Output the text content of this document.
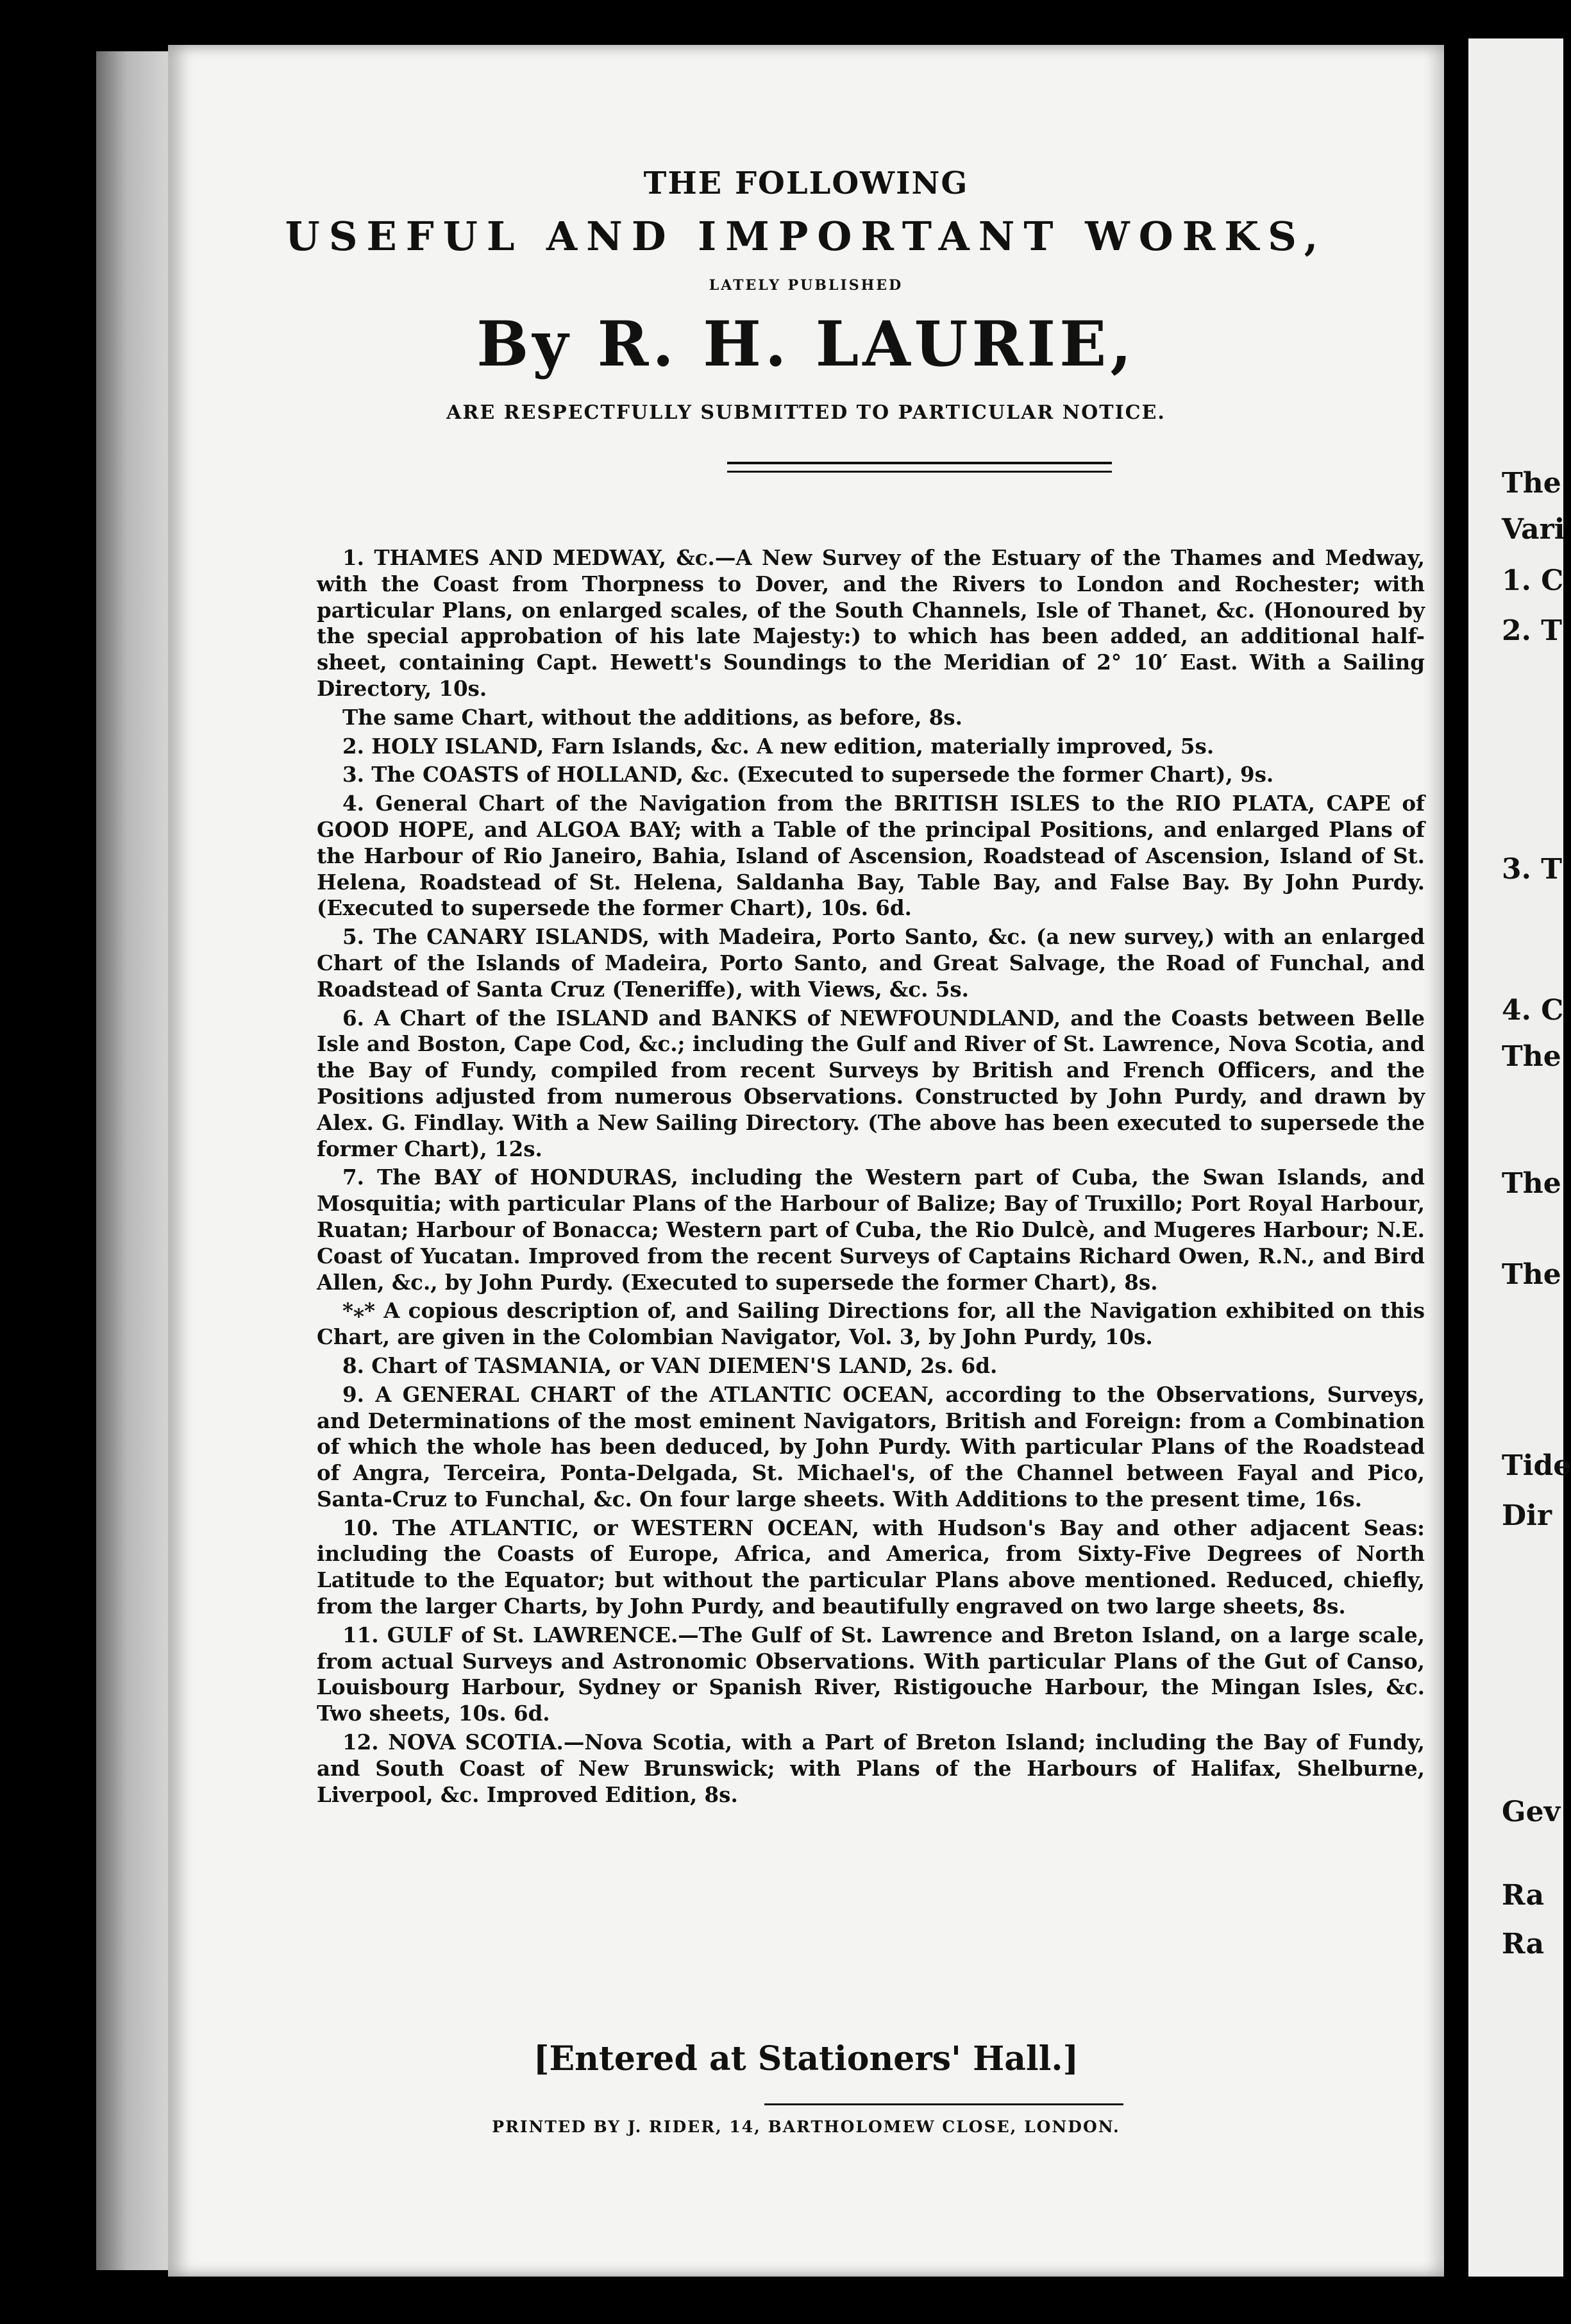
THE FOLLOWING
USEFUL AND IMPORTANT WORKS,
LATELY PUBLISHED
By R. H. LAURIE,
ARE RESPECTFULLY SUBMITTED TO PARTICULAR NOTICE.

1. THAMES AND MEDWAY, &c.—A New Survey of the Estuary of the Thames and Medway, with the Coast from Thorpness to Dover, and the Rivers to London and Rochester; with particular Plans, on enlarged scales, of the South Channels, Isle of Thanet, &c. (Honoured by the special approbation of his late Majesty:) to which has been added, an additional half-sheet, containing Capt. Hewett's Soundings to the Meridian of 2° 10′ East. With a Sailing Directory, 10s.

The same Chart, without the additions, as before, 8s.

2. HOLY ISLAND, Farn Islands, &c. A new edition, materially improved, 5s.

3. The COASTS of HOLLAND, &c. (Executed to supersede the former Chart), 9s.

4. General Chart of the Navigation from the BRITISH ISLES to the RIO PLATA, CAPE of GOOD HOPE, and ALGOA BAY; with a Table of the principal Positions, and enlarged Plans of the Harbour of Rio Janeiro, Bahia, Island of Ascension, Roadstead of Ascension, Island of St. Helena, Roadstead of St. Helena, Saldanha Bay, Table Bay, and False Bay. By John Purdy. (Executed to supersede the former Chart), 10s. 6d.

5. The CANARY ISLANDS, with Madeira, Porto Santo, &c. (a new survey,) with an enlarged Chart of the Islands of Madeira, Porto Santo, and Great Salvage, the Road of Funchal, and Roadstead of Santa Cruz (Teneriffe), with Views, &c. 5s.

6. A Chart of the ISLAND and BANKS of NEWFOUNDLAND, and the Coasts between Belle Isle and Boston, Cape Cod, &c.; including the Gulf and River of St. Lawrence, Nova Scotia, and the Bay of Fundy, compiled from recent Surveys by British and French Officers, and the Positions adjusted from numerous Observations. Constructed by John Purdy, and drawn by Alex. G. Findlay. With a New Sailing Directory. (The above has been executed to supersede the former Chart), 12s.

7. The BAY of HONDURAS, including the Western part of Cuba, the Swan Islands, and Mosquitia; with particular Plans of the Harbour of Balize; Bay of Truxillo; Port Royal Harbour, Ruatan; Harbour of Bonacca; Western part of Cuba, the Rio Dulcè, and Mugeres Harbour; N.E. Coast of Yucatan. Improved from the recent Surveys of Captains Richard Owen, R.N., and Bird Allen, &c., by John Purdy. (Executed to supersede the former Chart), 8s.

*⁎* A copious description of, and Sailing Directions for, all the Navigation exhibited on this Chart, are given in the Colombian Navigator, Vol. 3, by John Purdy, 10s.

8. Chart of TASMANIA, or VAN DIEMEN'S LAND, 2s. 6d.

9. A GENERAL CHART of the ATLANTIC OCEAN, according to the Observations, Surveys, and Determinations of the most eminent Navigators, British and Foreign: from a Combination of which the whole has been deduced, by John Purdy. With particular Plans of the Roadstead of Angra, Terceira, Ponta-Delgada, St. Michael's, of the Channel between Fayal and Pico, Santa-Cruz to Funchal, &c. On four large sheets. With Additions to the present time, 16s.

10. The ATLANTIC, or WESTERN OCEAN, with Hudson's Bay and other adjacent Seas: including the Coasts of Europe, Africa, and America, from Sixty-Five Degrees of North Latitude to the Equator; but without the particular Plans above mentioned. Reduced, chiefly, from the larger Charts, by John Purdy, and beautifully engraved on two large sheets, 8s.

11. GULF of St. LAWRENCE.—The Gulf of St. Lawrence and Breton Island, on a large scale, from actual Surveys and Astronomic Observations. With particular Plans of the Gut of Canso, Louisbourg Harbour, Sydney or Spanish River, Ristigouche Harbour, the Mingan Isles, &c. Two sheets, 10s. 6d.

12. NOVA SCOTIA.—Nova Scotia, with a Part of Breton Island; including the Bay of Fundy, and South Coast of New Brunswick; with Plans of the Harbours of Halifax, Shelburne, Liverpool, &c. Improved Edition, 8s.

[Entered at Stationers' Hall.]
PRINTED BY J. RIDER, 14, BARTHOLOMEW CLOSE, LONDON.
The
Vari
1. C
2. T
3. T
4. C
The
The
The
Tide
Dir
Gev
Ra
Ra
